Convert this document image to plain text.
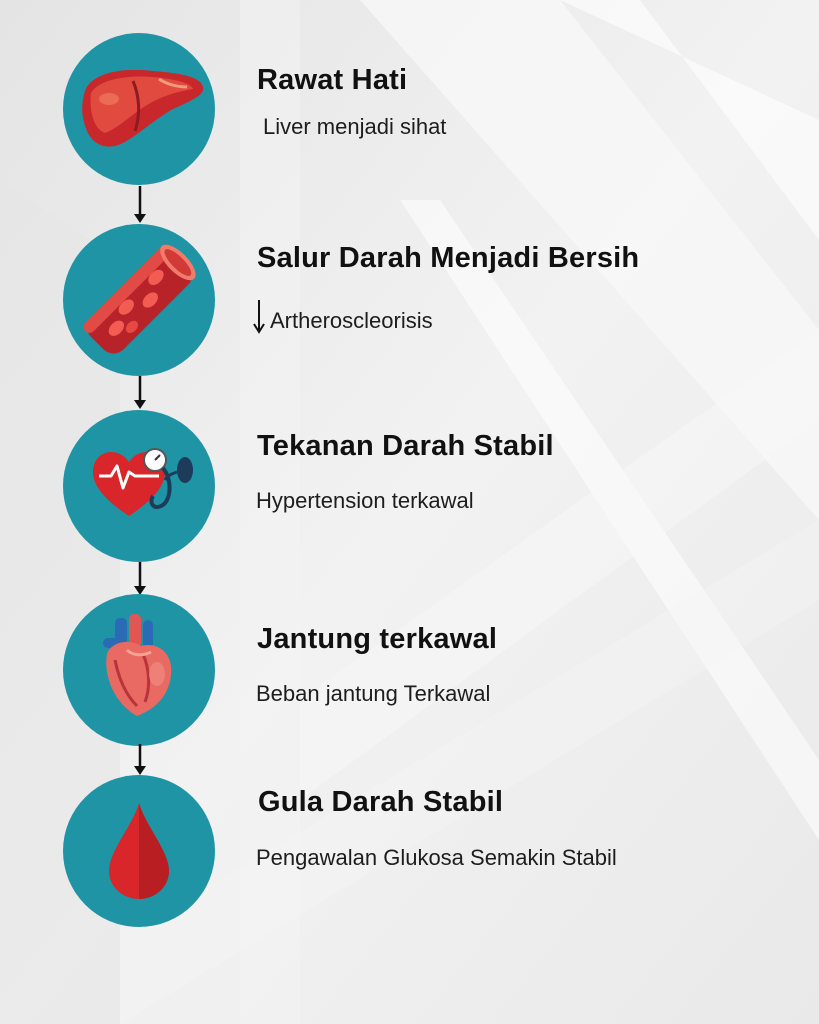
Rawat Hati

Liver menjadi sihat

Salur Darah Menjadi Bersih

Artheroscleorisis

Tekanan Darah Stabil

Hypertension terkawal

Jantung terkawal

Beban jantung Terkawal

Gula Darah Stabil

Pengawalan Glukosa Semakin Stabil
